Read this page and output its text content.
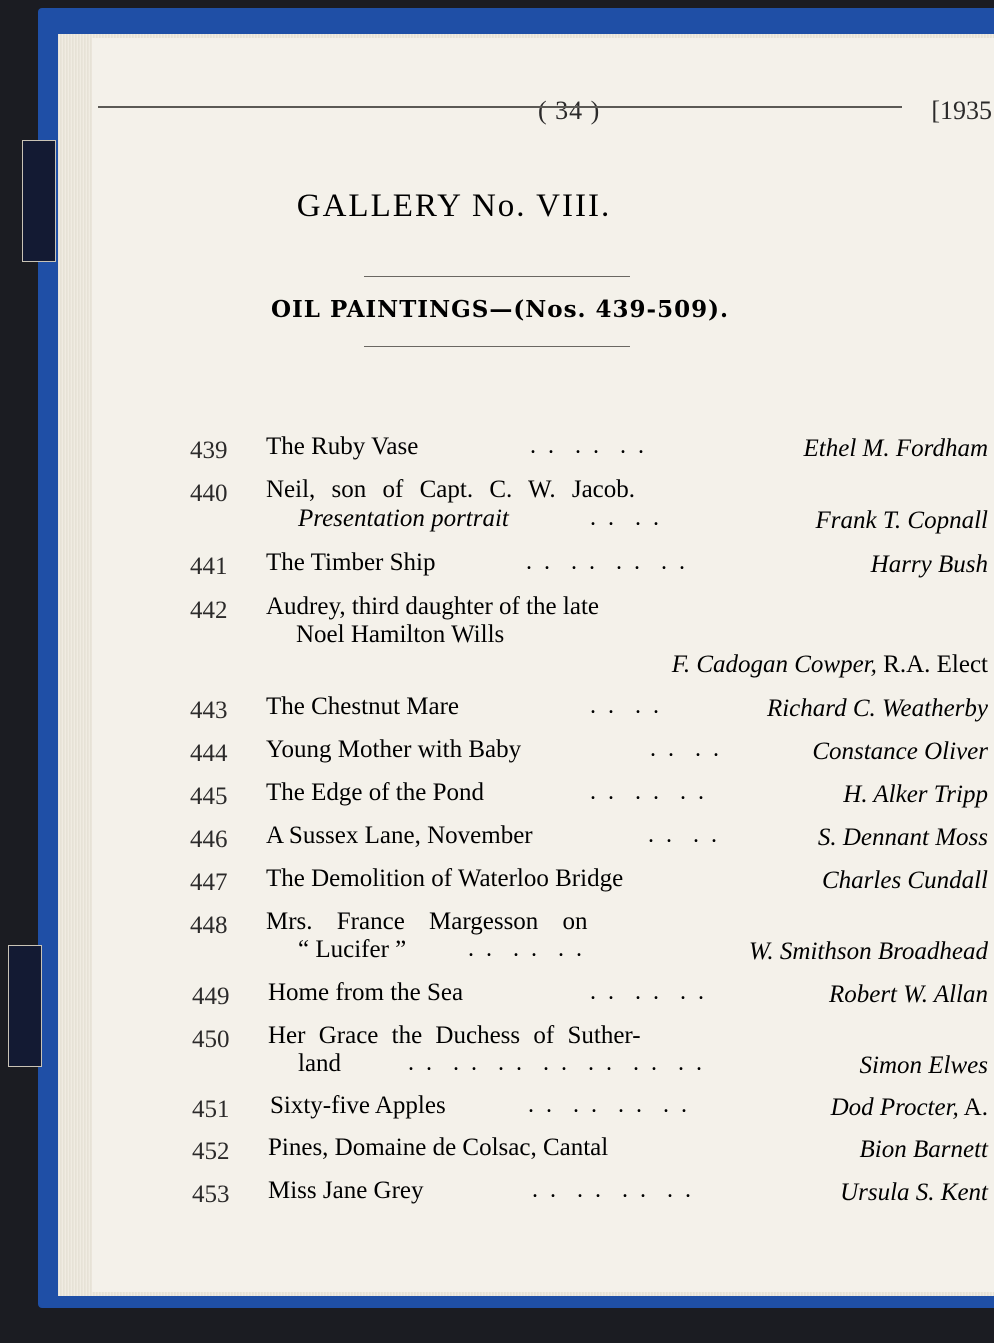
( 34 )	[1935
GALLERY No. VIII.
OIL PAINTINGS—(Nos. 439-509).
439 The Ruby Vase	. .  . .  . .	Ethel M. Fordham
440 Neil, son of Capt. C. W. Jacob.
Presentation portrait	. .  . .	Frank T. Copnall
441 The Timber Ship	. .  . .  . .  . .	Harry Bush
442 Audrey, third daughter of the late
Noel Hamilton Wills
F. Cadogan Cowper, R.A. Elect
443 The Chestnut Mare	. .  . .	Richard C. Weatherby
444 Young Mother with Baby	. .  . .	Constance Oliver
445 The Edge of the Pond	. .  . .  . .	H. Alker Tripp
446 A Sussex Lane, November	. .  . .	S. Dennant Moss
447 The Demolition of Waterloo Bridge	Charles Cundall
448 Mrs. France Margesson on
“ Lucifer ”	. .  . .  . .	W. Smithson Broadhead
449 Home from the Sea	. .  . .  . .	Robert W. Allan
450 Her Grace the Duchess of Suther-
land	. .  . .  . .  . .  . .  . .  . .	Simon Elwes
451 Sixty-five Apples	. .  . .  . .  . .	Dod Procter, A.
452 Pines, Domaine de Colsac, Cantal	Bion Barnett
453 Miss Jane Grey	. .  . .  . .  . .	Ursula S. Kent
